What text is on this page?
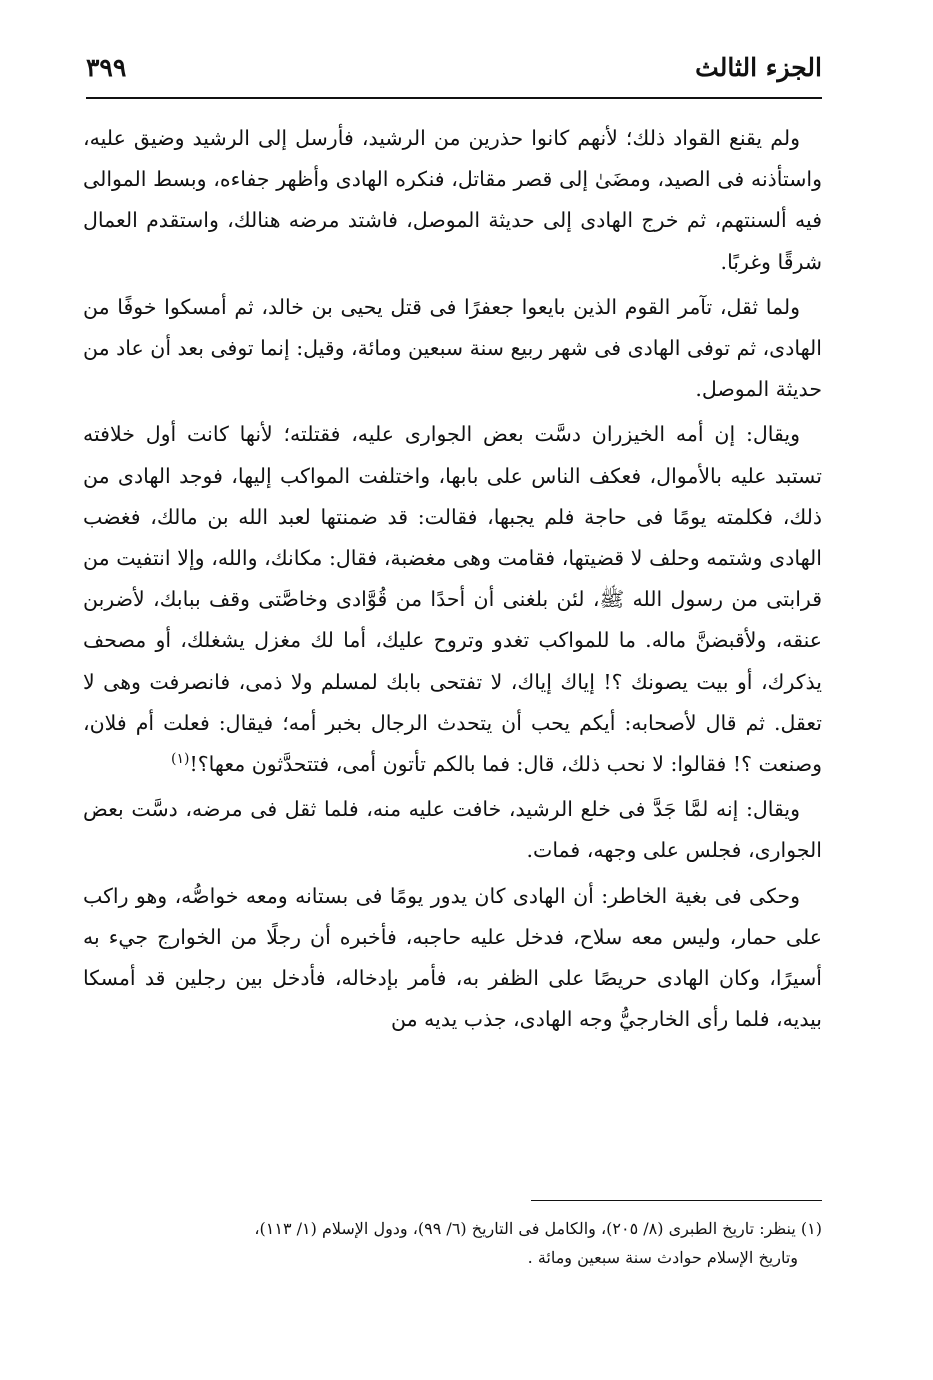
الجزء الثالث
٣٩٩

ولم يقنع القواد ذلك؛ لأنهم كانوا حذرين من الرشيد، فأرسل إلى الرشيد وضيق عليه، واستأذنه فى الصيد، ومضَىٰ إلى قصر مقاتل، فنكره الهادى وأظهر جفاءه، وبسط الموالى فيه ألسنتهم، ثم خرج الهادى إلى حديثة الموصل، فاشتد مرضه هنالك، واستقدم العمال شرقًا وغربًا.

ولما ثقل، تآمر القوم الذين بايعوا جعفرًا فى قتل يحيى بن خالد، ثم أمسكوا خوفًا من الهادى، ثم توفى الهادى فى شهر ربيع سنة سبعين ومائة، وقيل: إنما توفى بعد أن عاد من حديثة الموصل.

ويقال: إن أمه الخيزران دسَّت بعض الجوارى عليه، فقتلته؛ لأنها كانت أول خلافته تستبد عليه بالأموال، فعكف الناس على بابها، واختلفت المواكب إليها، فوجد الهادى من ذلك، فكلمته يومًا فى حاجة فلم يجبها، فقالت: قد ضمنتها لعبد الله بن مالك، فغضب الهادى وشتمه وحلف لا قضيتها، فقامت وهى مغضبة، فقال: مكانك، والله، وإلا انتفيت من قرابتى من رسول الله ﷺ، لئن بلغنى أن أحدًا من قُوَّادى وخاصَّتى وقف ببابك، لأضربن عنقه، ولأقبضنَّ ماله. ما للمواكب تغدو وتروح عليك، أما لك مغزل يشغلك، أو مصحف يذكرك، أو بيت يصونك ؟! إياك إياك، لا تفتحى بابك لمسلم ولا ذمى، فانصرفت وهى لا تعقل. ثم قال لأصحابه: أيكم يحب أن يتحدث الرجال بخبر أمه؛ فيقال: فعلت أم فلان، وصنعت ؟! فقالوا: لا نحب ذلك، قال: فما بالكم تأتون أمى، فتتحدَّثون معها؟!$^{(١)}$

ويقال: إنه لمَّا جَدَّ فى خلع الرشيد، خافت عليه منه، فلما ثقل فى مرضه، دسَّت بعض الجوارى، فجلس على وجهه، فمات.

وحكى فى بغية الخاطر: أن الهادى كان يدور يومًا فى بستانه ومعه خواصُّه، وهو راكب على حمار، وليس معه سلاح، فدخل عليه حاجبه، فأخبره أن رجلًا من الخوارج جيء به أسيرًا، وكان الهادى حريصًا على الظفر به، فأمر بإدخاله، فأدخل بين رجلين قد أمسكا بيديه، فلما رأى الخارجيُّ وجه الهادى، جذب يديه من

(١) ينظر: تاريخ الطبرى (٨/ ٢٠٥)، والكامل فى التاريخ (٦/ ٩٩)، ودول الإسلام (١/ ١١٣)،

وتاريخ الإسلام حوادث سنة سبعين ومائة .
